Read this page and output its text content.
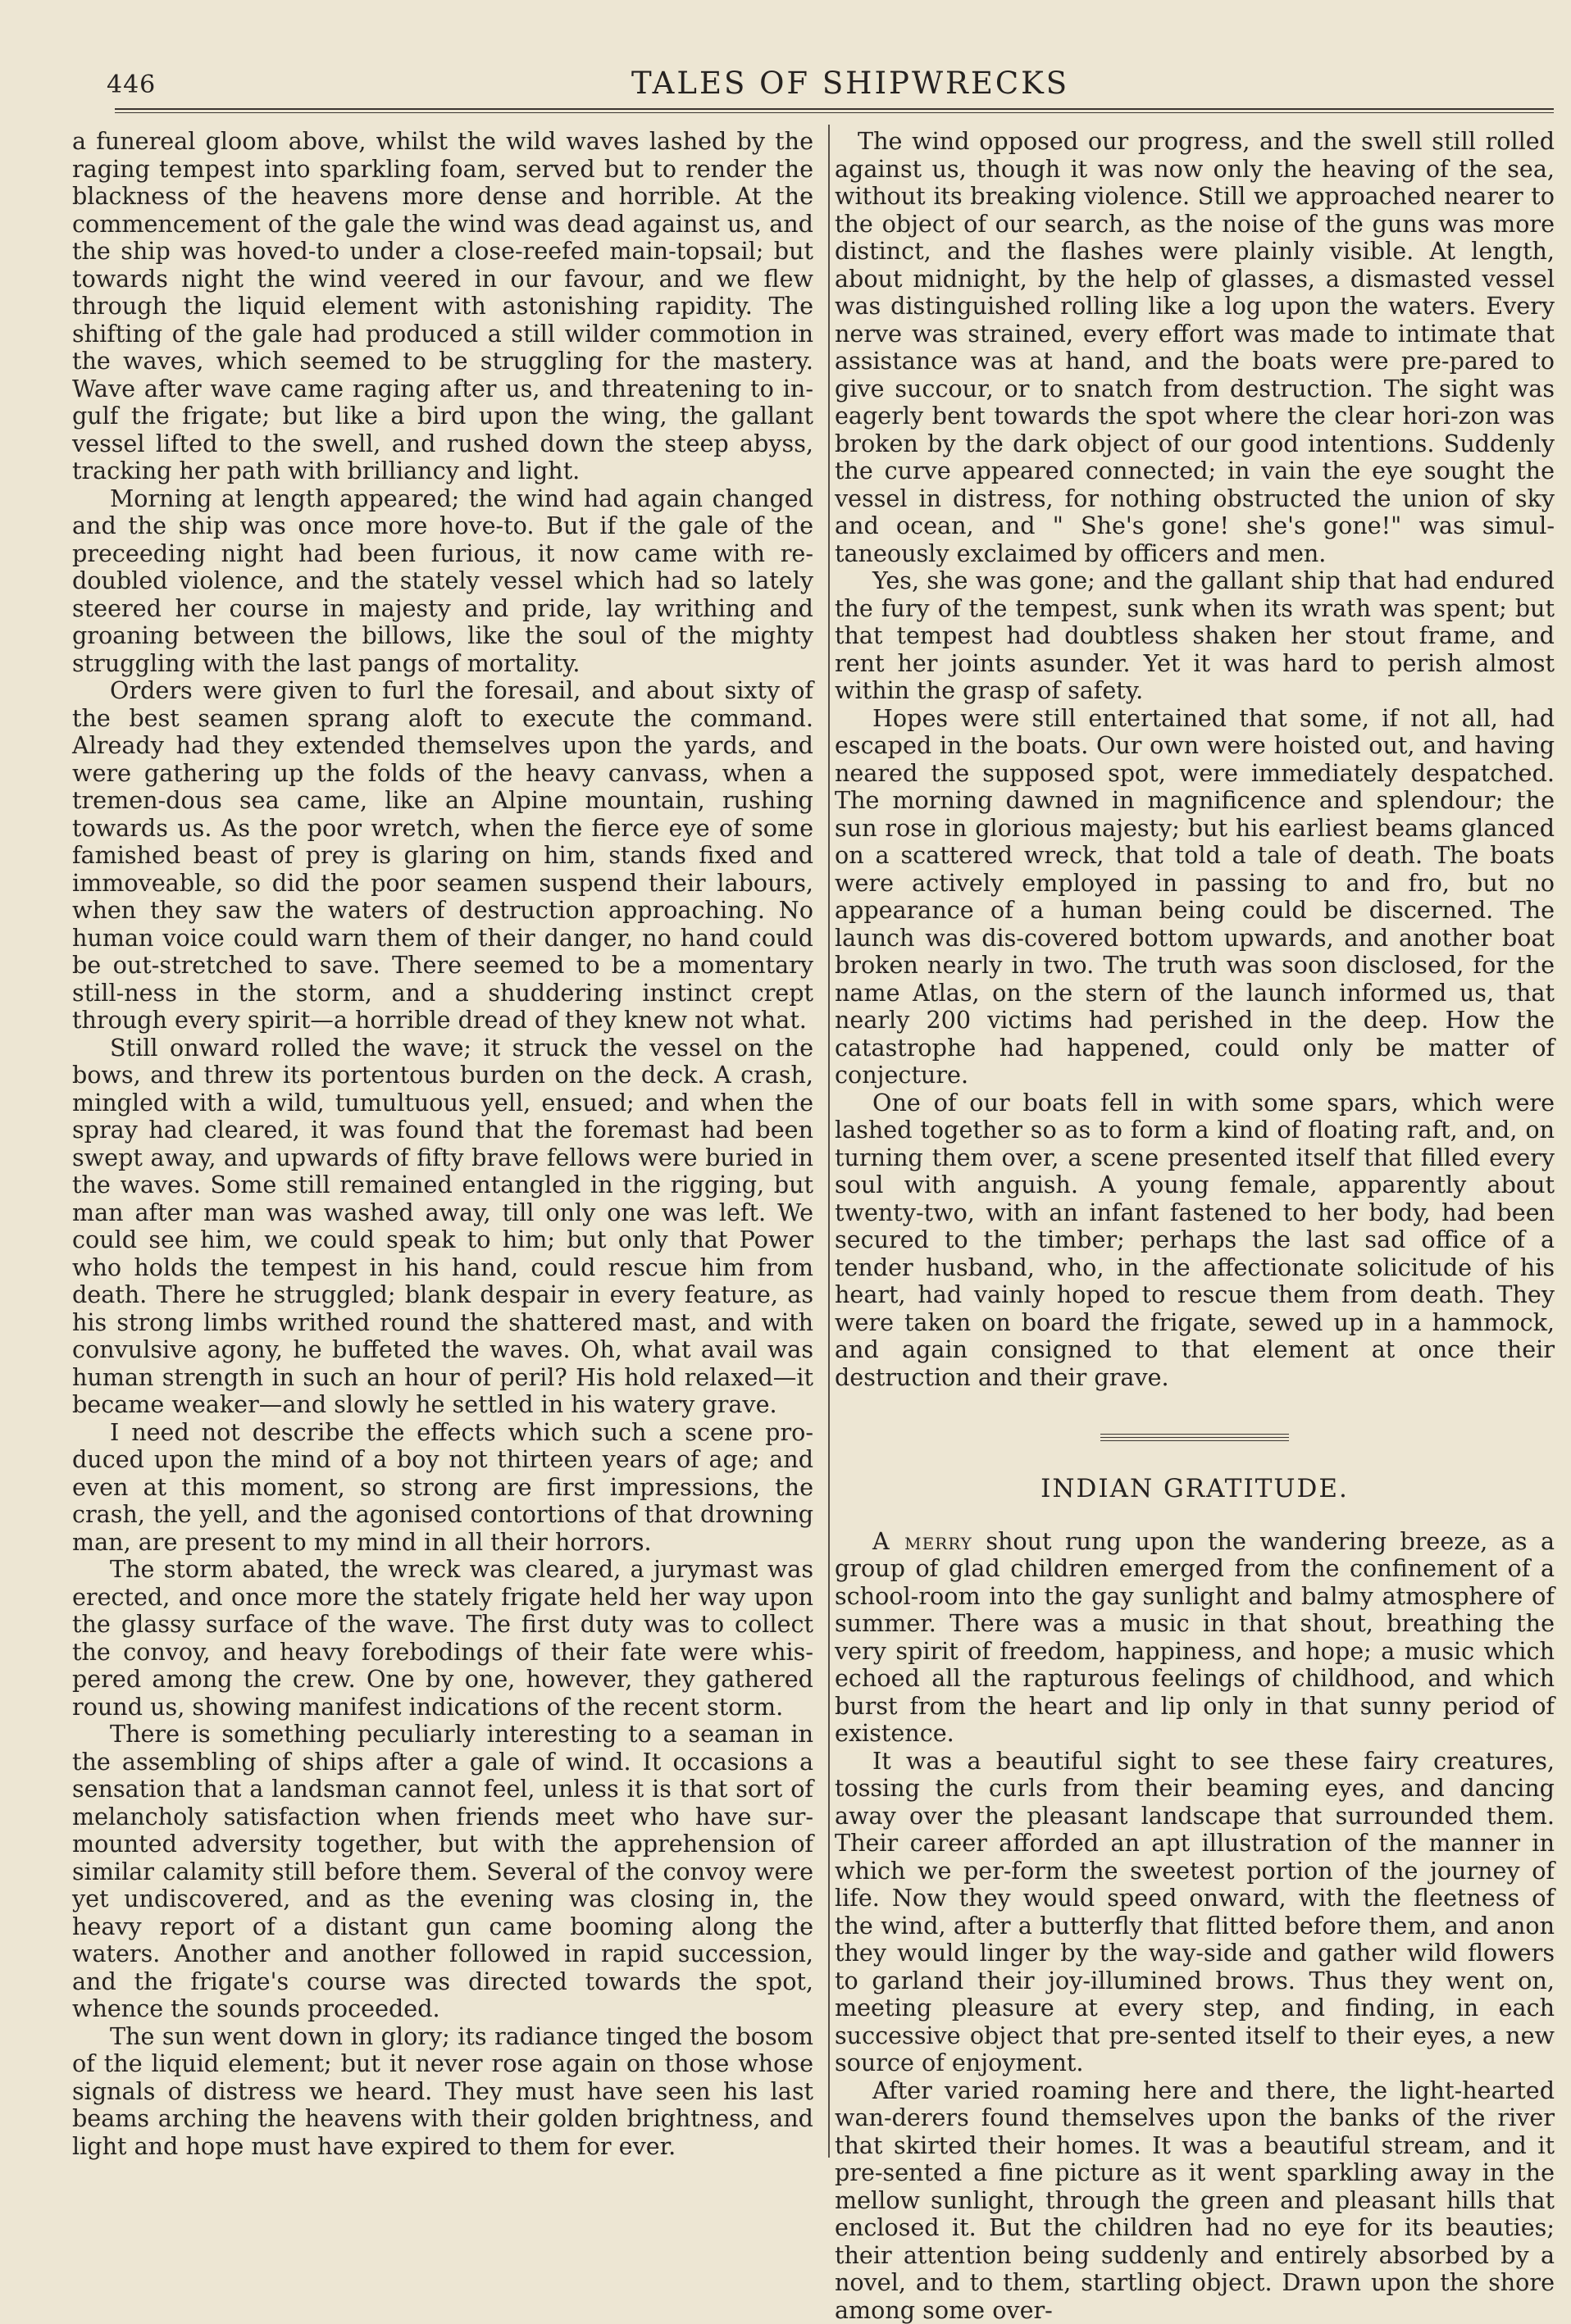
446	TALES OF SHIPWRECKS

a funereal gloom above, whilst the wild waves lashed by the raging tempest into sparkling foam, served but to render the blackness of the heavens more dense and horrible. At the commencement of the gale the wind was dead against us, and the ship was hoved-to under a close-reefed main-topsail; but towards night the wind veered in our favour, and we flew through the liquid element with astonishing rapidity. The shifting of the gale had produced a still wilder commotion in the waves, which seemed to be struggling for the mastery. Wave after wave came raging after us, and threatening to in-gulf the frigate; but like a bird upon the wing, the gallant vessel lifted to the swell, and rushed down the steep abyss, tracking her path with brilliancy and light.

Morning at length appeared; the wind had again changed and the ship was once more hove-to. But if the gale of the preceeding night had been furious, it now came with re-doubled violence, and the stately vessel which had so lately steered her course in majesty and pride, lay writhing and groaning between the billows, like the soul of the mighty struggling with the last pangs of mortality.

Orders were given to furl the foresail, and about sixty of the best seamen sprang aloft to execute the command. Already had they extended themselves upon the yards, and were gathering up the folds of the heavy canvass, when a tremen-dous sea came, like an Alpine mountain, rushing towards us. As the poor wretch, when the fierce eye of some famished beast of prey is glaring on him, stands fixed and immoveable, so did the poor seamen suspend their labours, when they saw the waters of destruction approaching. No human voice could warn them of their danger, no hand could be out-stretched to save. There seemed to be a momentary still-ness in the storm, and a shuddering instinct crept through every spirit—a horrible dread of they knew not what.

Still onward rolled the wave; it struck the vessel on the bows, and threw its portentous burden on the deck. A crash, mingled with a wild, tumultuous yell, ensued; and when the spray had cleared, it was found that the foremast had been swept away, and upwards of fifty brave fellows were buried in the waves. Some still remained entangled in the rigging, but man after man was washed away, till only one was left. We could see him, we could speak to him; but only that Power who holds the tempest in his hand, could rescue him from death. There he struggled; blank despair in every feature, as his strong limbs writhed round the shattered mast, and with convulsive agony, he buffeted the waves. Oh, what avail was human strength in such an hour of peril? His hold relaxed—it became weaker—and slowly he settled in his watery grave.

I need not describe the effects which such a scene pro-duced upon the mind of a boy not thirteen years of age; and even at this moment, so strong are first impressions, the crash, the yell, and the agonised contortions of that drowning man, are present to my mind in all their horrors.

The storm abated, the wreck was cleared, a jurymast was erected, and once more the stately frigate held her way upon the glassy surface of the wave. The first duty was to collect the convoy, and heavy forebodings of their fate were whis-pered among the crew. One by one, however, they gathered round us, showing manifest indications of the recent storm.

There is something peculiarly interesting to a seaman in the assembling of ships after a gale of wind. It occasions a sensation that a landsman cannot feel, unless it is that sort of melancholy satisfaction when friends meet who have sur-mounted adversity together, but with the apprehension of similar calamity still before them. Several of the convoy were yet undiscovered, and as the evening was closing in, the heavy report of a distant gun came booming along the waters. Another and another followed in rapid succession, and the frigate's course was directed towards the spot, whence the sounds proceeded.

The sun went down in glory; its radiance tinged the bosom of the liquid element; but it never rose again on those whose signals of distress we heard. They must have seen his last beams arching the heavens with their golden brightness, and light and hope must have expired to them for ever.

The wind opposed our progress, and the swell still rolled against us, though it was now only the heaving of the sea, without its breaking violence. Still we approached nearer to the object of our search, as the noise of the guns was more distinct, and the flashes were plainly visible. At length, about midnight, by the help of glasses, a dismasted vessel was distinguished rolling like a log upon the waters. Every nerve was strained, every effort was made to intimate that assistance was at hand, and the boats were pre-pared to give succour, or to snatch from destruction. The sight was eagerly bent towards the spot where the clear hori-zon was broken by the dark object of our good intentions. Suddenly the curve appeared connected; in vain the eye sought the vessel in distress, for nothing obstructed the union of sky and ocean, and " She's gone! she's gone!" was simul-taneously exclaimed by officers and men.

Yes, she was gone; and the gallant ship that had endured the fury of the tempest, sunk when its wrath was spent; but that tempest had doubtless shaken her stout frame, and rent her joints asunder. Yet it was hard to perish almost within the grasp of safety.

Hopes were still entertained that some, if not all, had escaped in the boats. Our own were hoisted out, and having neared the supposed spot, were immediately despatched. The morning dawned in magnificence and splendour; the sun rose in glorious majesty; but his earliest beams glanced on a scattered wreck, that told a tale of death. The boats were actively employed in passing to and fro, but no appearance of a human being could be discerned. The launch was dis-covered bottom upwards, and another boat broken nearly in two. The truth was soon disclosed, for the name Atlas, on the stern of the launch informed us, that nearly 200 victims had perished in the deep. How the catastrophe had happened, could only be matter of conjecture.

One of our boats fell in with some spars, which were lashed together so as to form a kind of floating raft, and, on turning them over, a scene presented itself that filled every soul with anguish. A young female, apparently about twenty-two, with an infant fastened to her body, had been secured to the timber; perhaps the last sad office of a tender husband, who, in the affectionate solicitude of his heart, had vainly hoped to rescue them from death. They were taken on board the frigate, sewed up in a hammock, and again consigned to that element at once their destruction and their grave.

INDIAN GRATITUDE.

A merry shout rung upon the wandering breeze, as a group of glad children emerged from the confinement of a school-room into the gay sunlight and balmy atmosphere of summer. There was a music in that shout, breathing the very spirit of freedom, happiness, and hope; a music which echoed all the rapturous feelings of childhood, and which burst from the heart and lip only in that sunny period of existence.

It was a beautiful sight to see these fairy creatures, tossing the curls from their beaming eyes, and dancing away over the pleasant landscape that surrounded them. Their career afforded an apt illustration of the manner in which we per-form the sweetest portion of the journey of life. Now they would speed onward, with the fleetness of the wind, after a butterfly that flitted before them, and anon they would linger by the way-side and gather wild flowers to garland their joy-illumined brows. Thus they went on, meeting pleasure at every step, and finding, in each successive object that pre-sented itself to their eyes, a new source of enjoyment.

After varied roaming here and there, the light-hearted wan-derers found themselves upon the banks of the river that skirted their homes. It was a beautiful stream, and it pre-sented a fine picture as it went sparkling away in the mellow sunlight, through the green and pleasant hills that enclosed it. But the children had no eye for its beauties; their attention being suddenly and entirely absorbed by a novel, and to them, startling object. Drawn upon the shore among some over-
